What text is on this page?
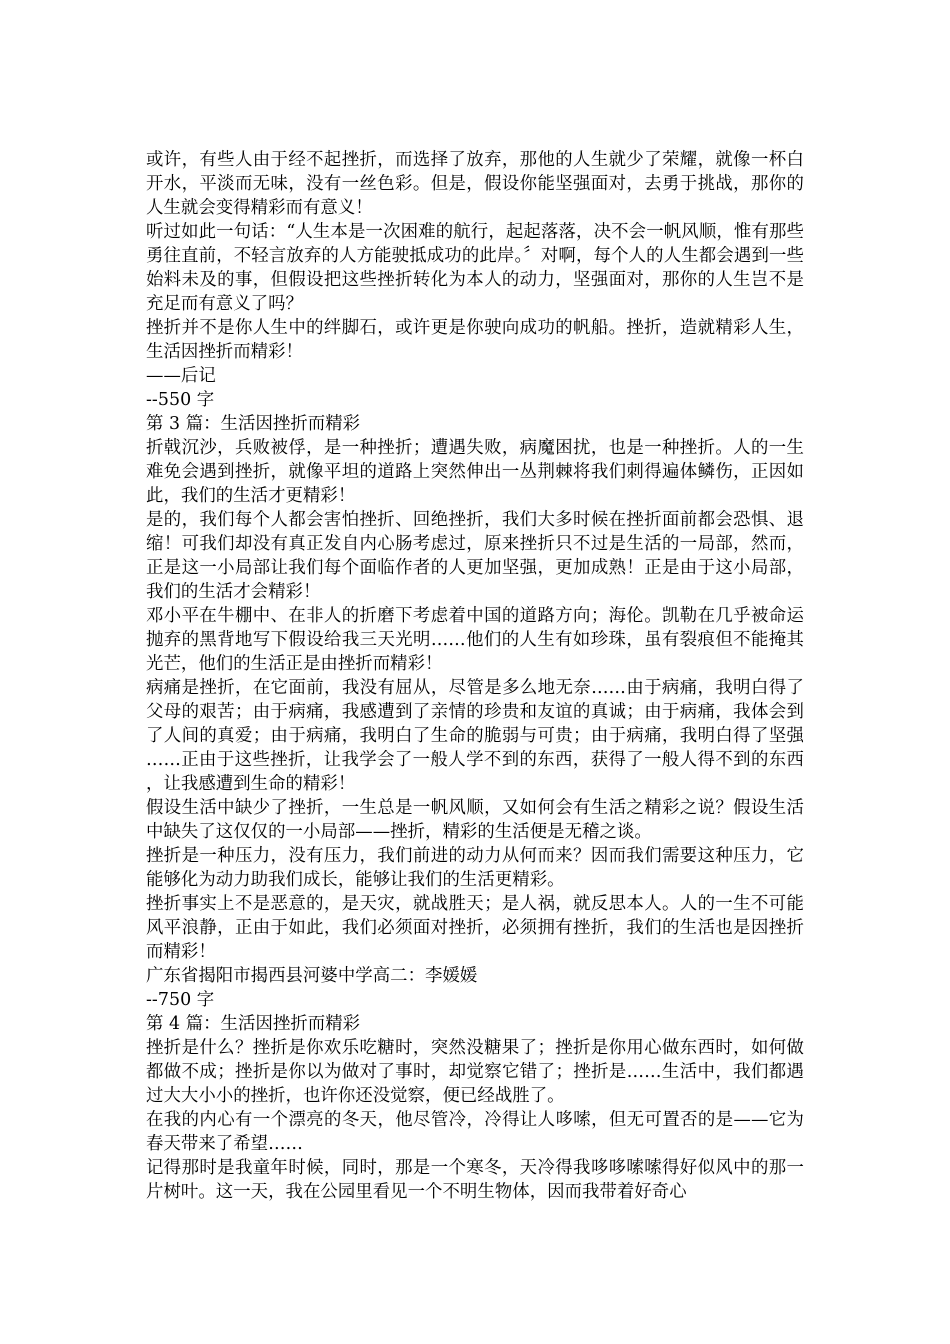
或许，有些人由于经不起挫折，而选择了放弃，那他的人生就少了荣耀，就像一杯白开水，平淡而无味，没有一丝色彩。但是，假设你能坚强面对，去勇于挑战，那你的人生就会变得精彩而有意义！

听过如此一句话：“人生本是一次困难的航行，起起落落，决不会一帆风顺，惟有那些勇往直前，不轻言放弃的人方能驶抵成功的此岸。〞对啊，每个人的人生都会遇到一些始料未及的事，但假设把这些挫折转化为本人的动力，坚强面对，那你的人生岂不是充足而有意义了吗？

挫折并不是你人生中的绊脚石，或许更是你驶向成功的帆船。挫折，造就精彩人生，生活因挫折而精彩！

——后记

--550 字

第 3 篇：生活因挫折而精彩

折戟沉沙，兵败被俘，是一种挫折；遭遇失败，病魔困扰，也是一种挫折。人的一生难免会遇到挫折，就像平坦的道路上突然伸出一丛荆棘将我们刺得遍体鳞伤，正因如此，我们的生活才更精彩！

是的，我们每个人都会害怕挫折、回绝挫折，我们大多时候在挫折面前都会恐惧、退缩！可我们却没有真正发自内心肠考虑过，原来挫折只不过是生活的一局部，然而，正是这一小局部让我们每个面临作者的人更加坚强，更加成熟！正是由于这小局部，我们的生活才会精彩！

邓小平在牛棚中、在非人的折磨下考虑着中国的道路方向；海伦。凯勒在几乎被命运抛弃的黑背地写下假设给我三天光明……他们的人生有如珍珠，虽有裂痕但不能掩其光芒，他们的生活正是由挫折而精彩！

病痛是挫折，在它面前，我没有屈从，尽管是多么地无奈……由于病痛，我明白得了父母的艰苦；由于病痛，我感遭到了亲情的珍贵和友谊的真诚；由于病痛，我体会到了人间的真爱；由于病痛，我明白了生命的脆弱与可贵；由于病痛，我明白得了坚强……正由于这些挫折，让我学会了一般人学不到的东西，获得了一般人得不到的东西，让我感遭到生命的精彩！

假设生活中缺少了挫折，一生总是一帆风顺，又如何会有生活之精彩之说？假设生活中缺失了这仅仅的一小局部——挫折，精彩的生活便是无稽之谈。

挫折是一种压力，没有压力，我们前进的动力从何而来？因而我们需要这种压力，它能够化为动力助我们成长，能够让我们的生活更精彩。

挫折事实上不是恶意的，是天灾，就战胜天；是人祸，就反思本人。人的一生不可能风平浪静，正由于如此，我们必须面对挫折，必须拥有挫折，我们的生活也是因挫折而精彩！

广东省揭阳市揭西县河婆中学高二：李媛媛

--750 字

第 4 篇：生活因挫折而精彩

挫折是什么？挫折是你欢乐吃糖时，突然没糖果了；挫折是你用心做东西时，如何做都做不成；挫折是你以为做对了事时，却觉察它错了；挫折是……生活中，我们都遇过大大小小的挫折，也许你还没觉察，便已经战胜了。

在我的内心有一个漂亮的冬天，他尽管冷，冷得让人哆嗦，但无可置否的是——它为春天带来了希望……

记得那时是我童年时候，同时，那是一个寒冬，天冷得我哆哆嗦嗦得好似风中的那一片树叶。这一天，我在公园里看见一个不明生物体，因而我带着好奇心
